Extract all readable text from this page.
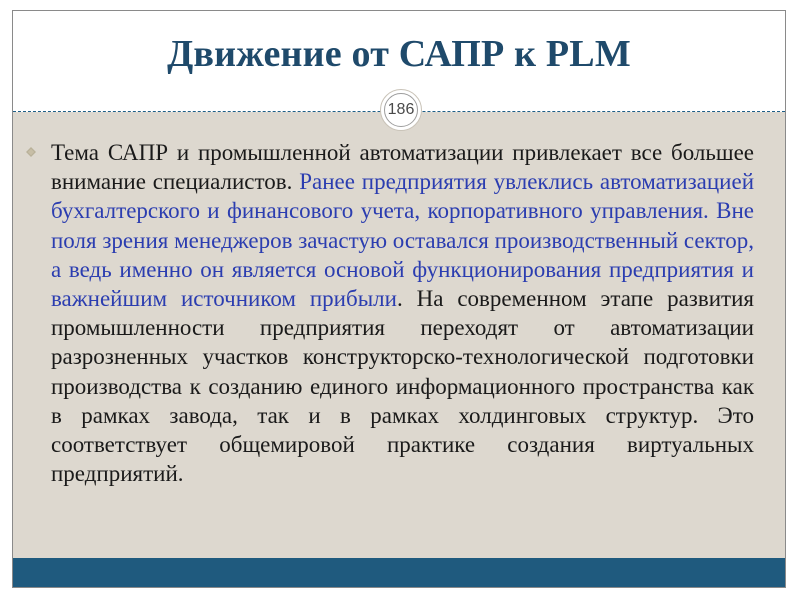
Движение от САПР к PLM
186
Тема САПР и промышленной автоматизации привлекает все большее внимание специалистов. Ранее предприятия увлеклись автоматизацией бухгалтерского и финансового учета, корпоративного управления. Вне поля зрения менеджеров зачастую оставался производственный сектор, а ведь именно он является основой функционирования предприятия и важнейшим источником прибыли. На современном этапе развития промышленности предприятия переходят от автоматизации разрозненных участков конструкторско-технологической подготовки производства к созданию единого информационного пространства как в рамках завода, так и в рамках холдинговых структур. Это соответствует общемировой практике создания виртуальных предприятий.
